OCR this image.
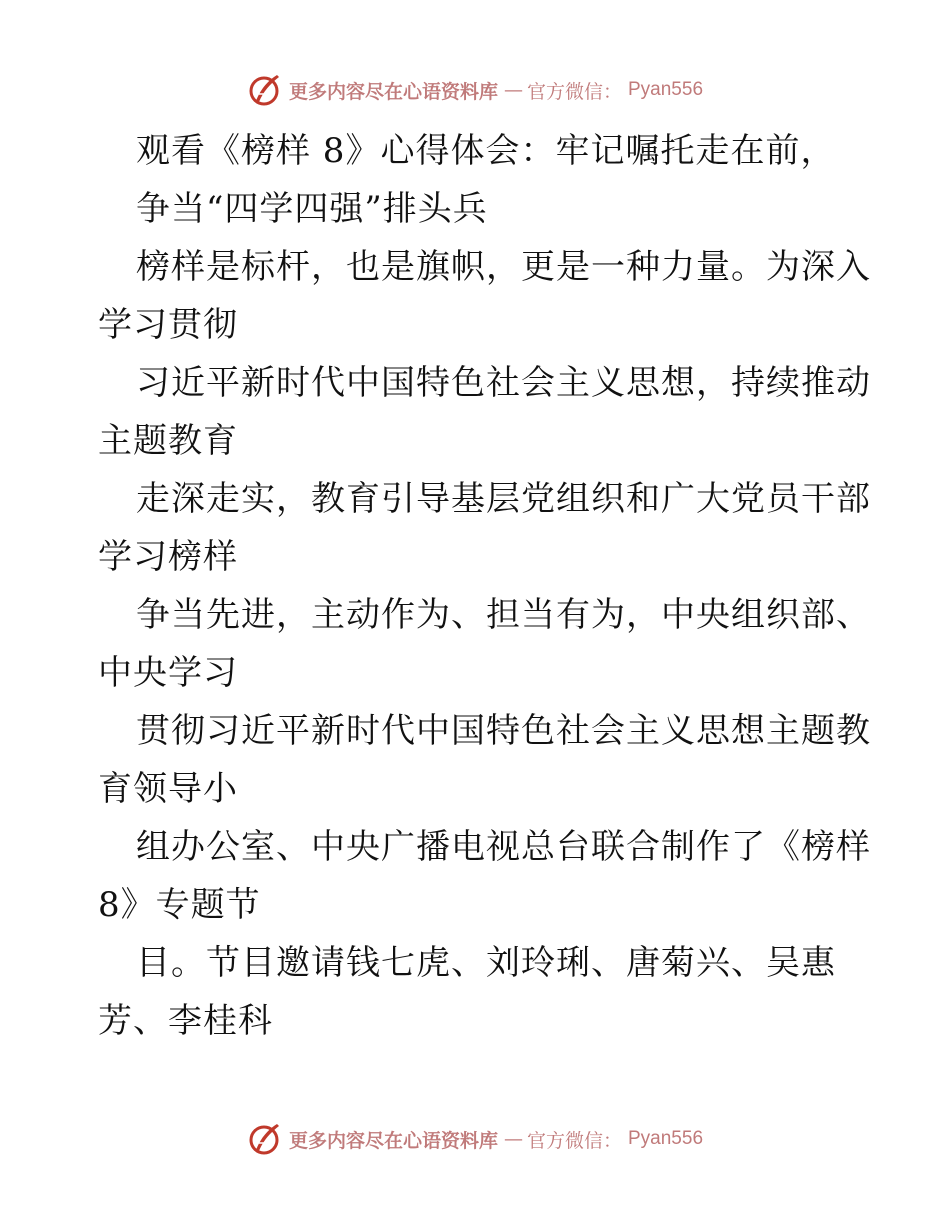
更多内容尽在心语资料库 — 官方微信： Pyan556
观看《榜样 8》心得体会：牢记嘱托走在前，
争当“四学四强”排头兵
榜样是标杆，也是旗帜，更是一种力量。为深入
学习贯彻
习近平新时代中国特色社会主义思想，持续推动
主题教育
走深走实，教育引导基层党组织和广大党员干部
学习榜样
争当先进，主动作为、担当有为，中央组织部、
中央学习
贯彻习近平新时代中国特色社会主义思想主题教
育领导小
组办公室、中央广播电视总台联合制作了《榜样
8》专题节
目。节目邀请钱七虎、刘玲琍、唐菊兴、吴惠
芳、李桂科
更多内容尽在心语资料库 — 官方微信： Pyan556
